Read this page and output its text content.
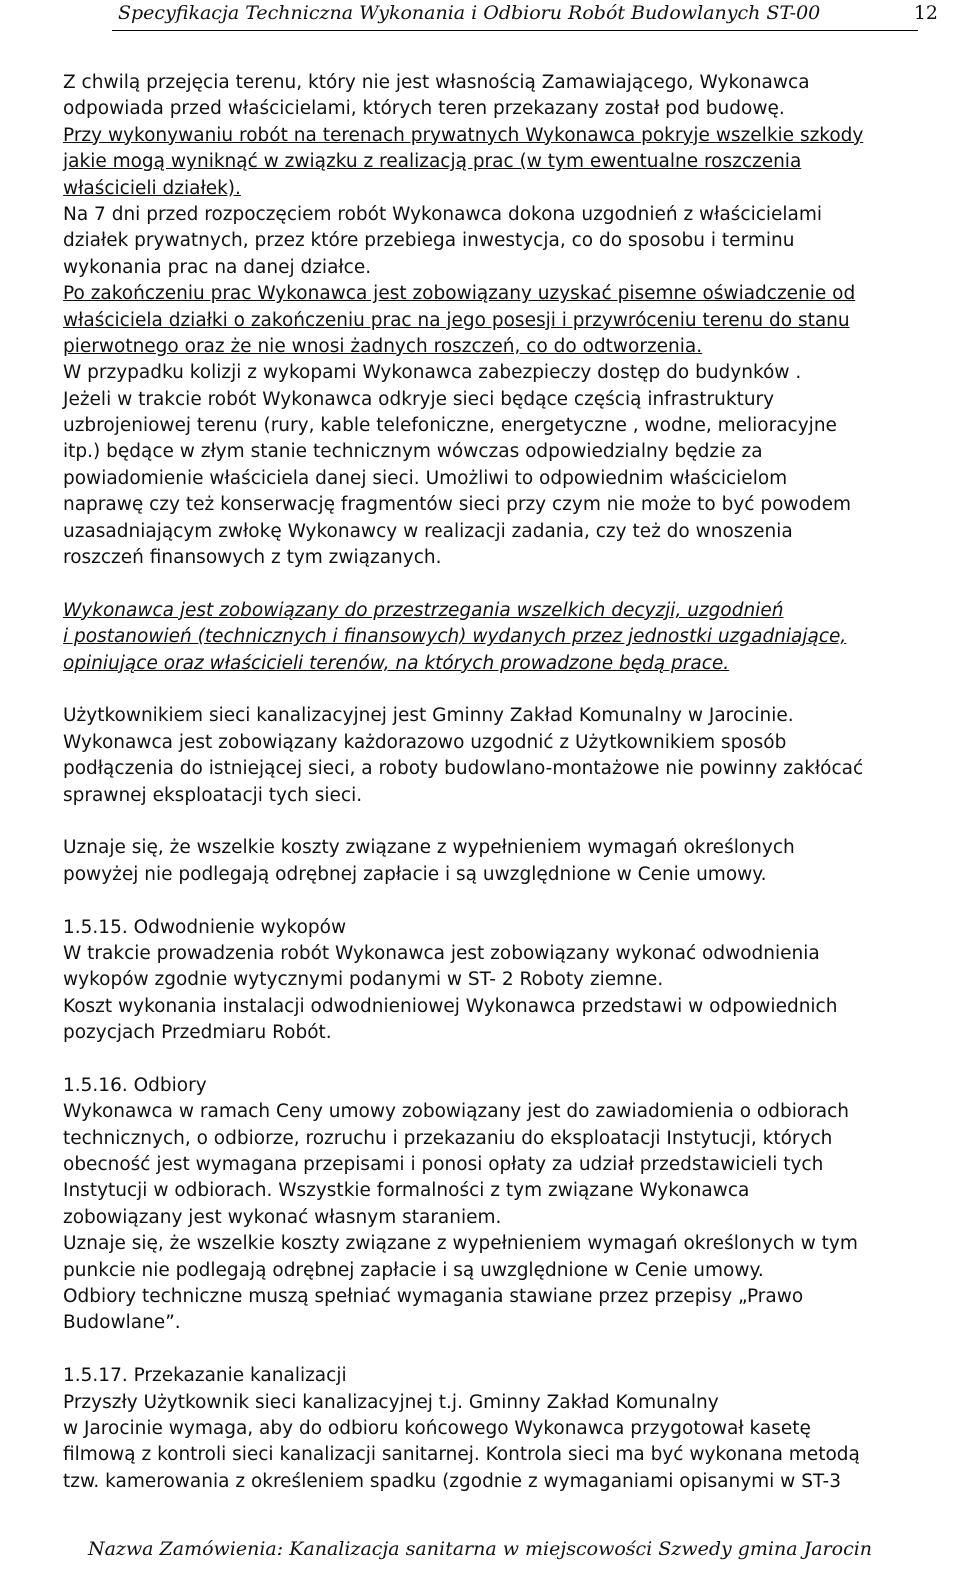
Specyfikacja Techniczna Wykonania i Odbioru Robót Budowlanych ST-00	12
Z chwilą przejęcia terenu, który nie jest własnością Zamawiającego, Wykonawca
odpowiada przed właścicielami, których teren przekazany został pod budowę.
Przy wykonywaniu robót na terenach prywatnych Wykonawca pokryje wszelkie szkody
jakie mogą wyniknąć w związku z realizacją prac (w tym ewentualne roszczenia
właścicieli działek).
Na 7 dni przed rozpoczęciem robót Wykonawca dokona uzgodnień z właścicielami
działek prywatnych, przez które przebiega inwestycja, co do sposobu i terminu
wykonania prac na danej działce.
Po zakończeniu prac Wykonawca jest zobowiązany uzyskać pisemne oświadczenie od
właściciela działki o zakończeniu prac na jego posesji i przywróceniu terenu do stanu
pierwotnego oraz że nie wnosi żadnych roszczeń, co do odtworzenia.
W przypadku kolizji z wykopami Wykonawca zabezpieczy dostęp do budynków .
Jeżeli w trakcie robót Wykonawca odkryje sieci będące częścią infrastruktury
uzbrojeniowej terenu (rury, kable telefoniczne, energetyczne , wodne, melioracyjne
itp.) będące w złym stanie technicznym wówczas odpowiedzialny będzie za
powiadomienie właściciela danej sieci. Umożliwi to odpowiednim właścicielom
naprawę czy też konserwację fragmentów sieci przy czym nie może to być powodem
uzasadniającym zwłokę Wykonawcy w realizacji zadania, czy też do wnoszenia
roszczeń finansowych z tym związanych.
Wykonawca jest zobowiązany do przestrzegania wszelkich decyzji, uzgodnień
i postanowień (technicznych i finansowych) wydanych przez jednostki uzgadniające,
opiniujące oraz właścicieli terenów, na których prowadzone będą prace.
Użytkownikiem sieci kanalizacyjnej jest Gminny Zakład Komunalny w Jarocinie.
Wykonawca jest zobowiązany każdorazowo uzgodnić z Użytkownikiem sposób
podłączenia do istniejącej sieci, a roboty budowlano-montażowe nie powinny zakłócać
sprawnej eksploatacji tych sieci.
Uznaje się, że wszelkie koszty związane z wypełnieniem wymagań określonych
powyżej nie podlegają odrębnej zapłacie i są uwzględnione w Cenie umowy.
1.5.15. Odwodnienie wykopów
W trakcie prowadzenia robót Wykonawca jest zobowiązany wykonać odwodnienia
wykopów zgodnie wytycznymi podanymi w ST- 2 Roboty ziemne.
Koszt wykonania instalacji odwodnieniowej Wykonawca przedstawi w odpowiednich
pozycjach Przedmiaru Robót.
1.5.16. Odbiory
Wykonawca w ramach Ceny umowy zobowiązany jest do zawiadomienia o odbiorach
technicznych, o odbiorze, rozruchu i przekazaniu do eksploatacji Instytucji, których
obecność jest wymagana przepisami i ponosi opłaty za udział przedstawicieli tych
Instytucji w odbiorach. Wszystkie formalności z tym związane Wykonawca
zobowiązany jest wykonać własnym staraniem.
Uznaje się, że wszelkie koszty związane z wypełnieniem wymagań określonych w tym
punkcie nie podlegają odrębnej zapłacie i są uwzględnione w Cenie umowy.
Odbiory techniczne muszą spełniać wymagania stawiane przez przepisy „Prawo
Budowlane”.
1.5.17. Przekazanie kanalizacji
Przyszły Użytkownik sieci kanalizacyjnej t.j. Gminny Zakład Komunalny
w Jarocinie wymaga, aby do odbioru końcowego Wykonawca przygotował kasetę
filmową z kontroli sieci kanalizacji sanitarnej. Kontrola sieci ma być wykonana metodą
tzw. kamerowania z określeniem spadku (zgodnie z wymaganiami opisanymi w ST-3
Nazwa Zamówienia: Kanalizacja sanitarna w miejscowości Szwedy gmina Jarocin
